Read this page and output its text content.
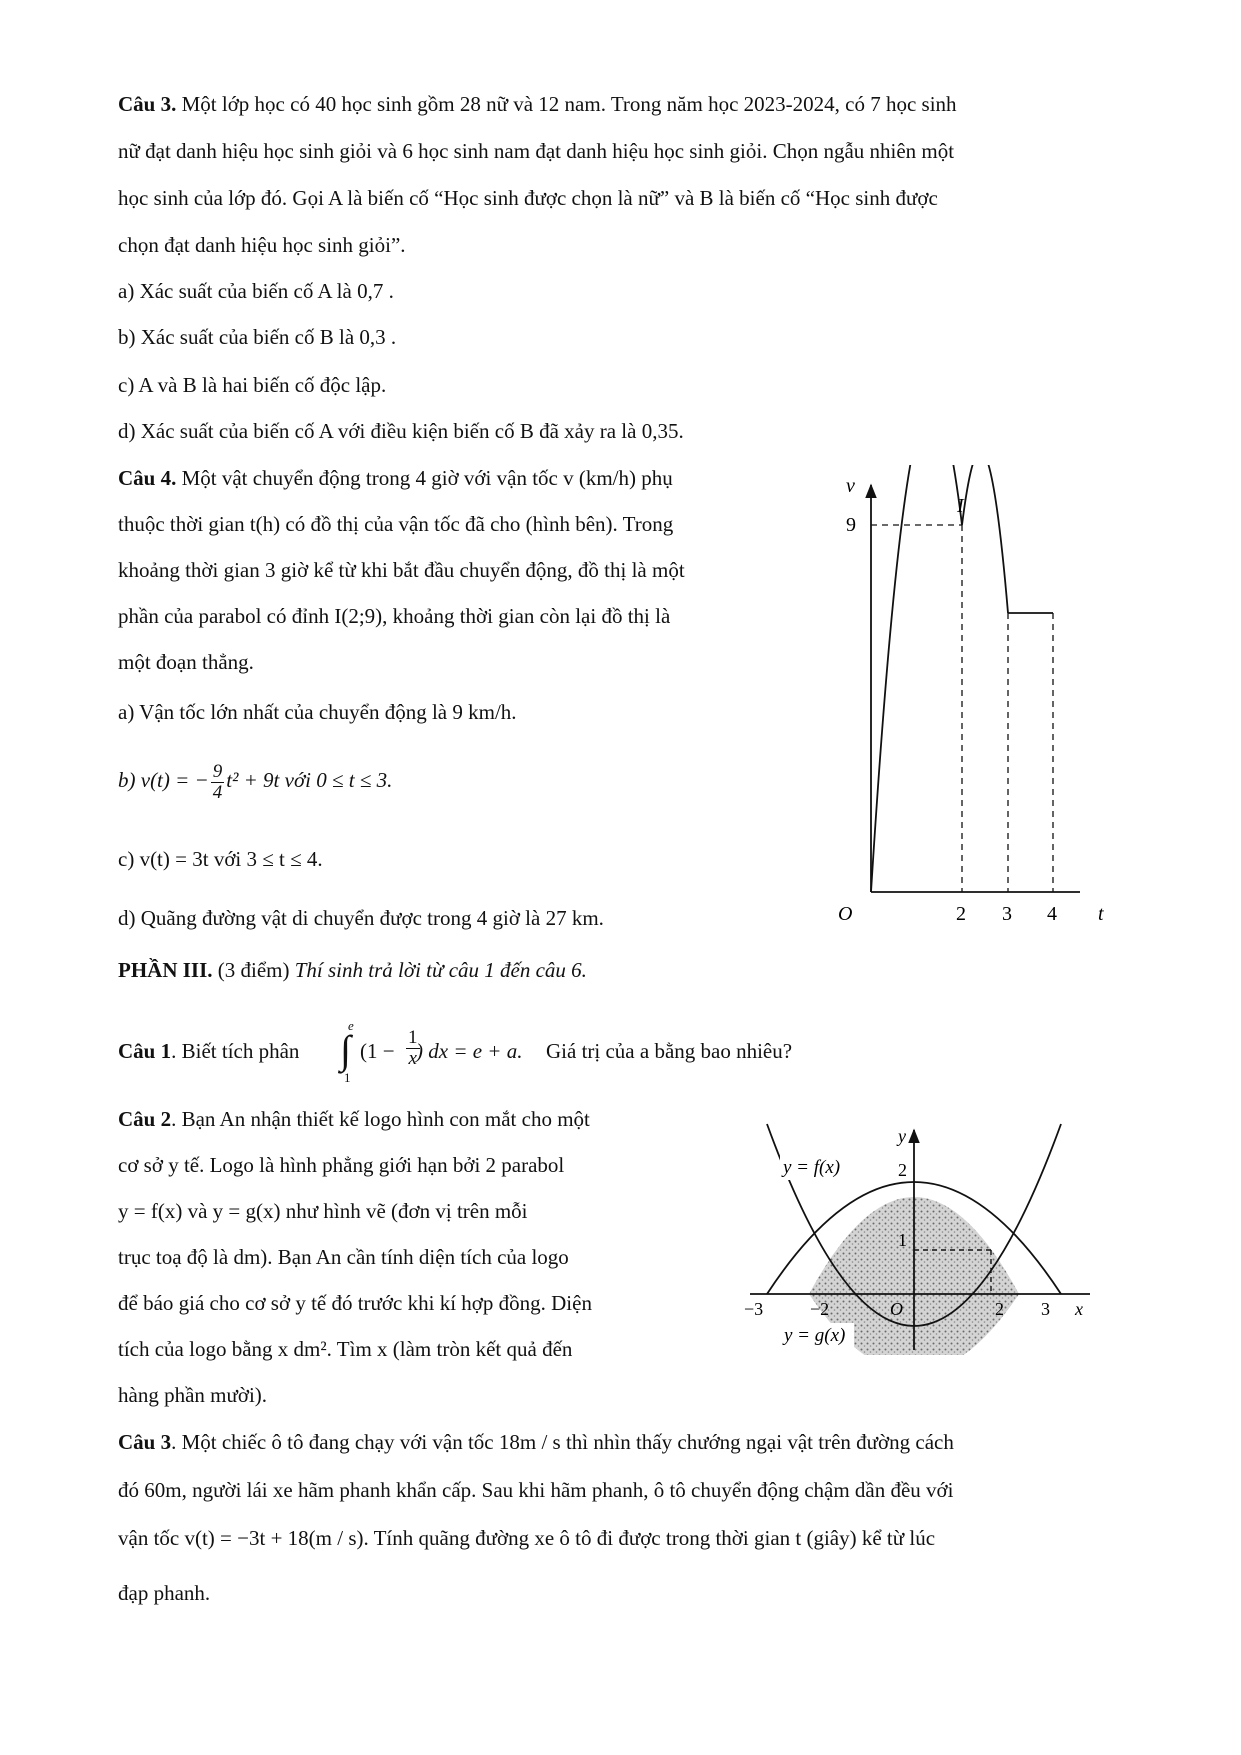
Câu 3. Một lớp học có 40 học sinh gồm 28 nữ và 12 nam. Trong năm học 2023-2024, có 7 học sinh
nữ đạt danh hiệu học sinh giỏi và 6 học sinh nam đạt danh hiệu học sinh giỏi. Chọn ngẫu nhiên một
học sinh của lớp đó. Gọi A là biến cố “Học sinh được chọn là nữ” và B là biến cố “Học sinh được
chọn đạt danh hiệu học sinh giỏi”.
a) Xác suất của biến cố A là 0,7 .
b) Xác suất của biến cố B là 0,3 .
c) A và B là hai biến cố độc lập.
d) Xác suất của biến cố A với điều kiện biến cố B đã xảy ra là 0,35.
Câu 4. Một vật chuyển động trong 4 giờ với vận tốc v (km/h) phụ
thuộc thời gian t(h) có đồ thị của vận tốc đã cho (hình bên). Trong
khoảng thời gian 3 giờ kể từ khi bắt đầu chuyển động, đồ thị là một
phần của parabol có đỉnh I(2;9), khoảng thời gian còn lại đồ thị là
một đoạn thẳng.
a) Vận tốc lớn nhất của chuyển động là 9 km/h.
b) v(t) = − $\frac{9}{4} t^2 + 9t$ với 0 ≤ t ≤ 3.
c) v(t) = 3t với 3 ≤ t ≤ 4.
d) Quãng đường vật di chuyển được trong 4 giờ là 27 km.
v
9
I
O	2 3 4 t
PHẦN III. (3 điểm) Thí sinh trả lời từ câu 1 đến câu 6.
Câu 1. Biết tích phân
e
∫
1
($1 - \frac{1}{x}$
) dx = e + a. Giá trị của a bằng bao nhiêu?
Câu 2. Bạn An nhận thiết kế logo hình con mắt cho một
cơ sở y tế. Logo là hình phẳng giới hạn bởi 2 parabol
y = f(x) và y = g(x) như hình vẽ (đơn vị trên mỗi
trục toạ độ là dm). Bạn An cần tính diện tích của logo
để báo giá cho cơ sở y tế đó trước khi kí hợp đồng. Diện
tích của logo bằng x dm². Tìm x (làm tròn kết quả đến
hàng phần mười).
y = f(x)
y = g(x)
y
2
1
O
−3	−2	2 3 x
Câu 3. Một chiếc ô tô đang chạy với vận tốc 18m / s thì nhìn thấy chướng ngại vật trên đường cách
đó 60m, người lái xe hãm phanh khẩn cấp. Sau khi hãm phanh, ô tô chuyển động chậm dần đều với
vận tốc v(t) = −3t + 18(m / s). Tính quãng đường xe ô tô đi được trong thời gian t (giây) kể từ lúc
đạp phanh.
